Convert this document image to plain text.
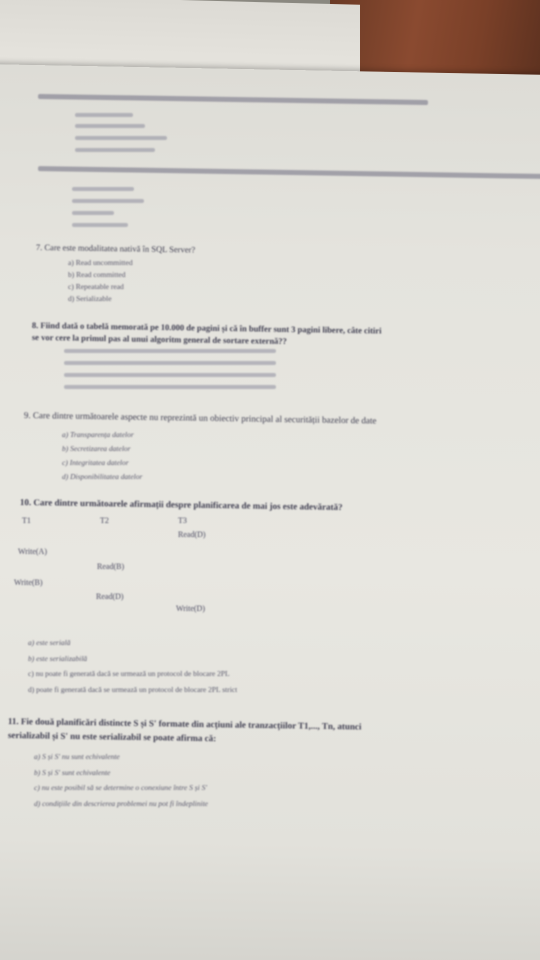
7. Care este modalitatea nativă în SQL Server?
a) Read uncommitted
b) Read committed
c) Repeatable read
d) Serializable
8. Fiind dată o tabelă memorată pe 10.000 de pagini și că în buffer sunt 3 pagini libere, câte citiri
se vor cere la primul pas al unui algoritm general de sortare externă??
9. Care dintre următoarele aspecte nu reprezintă un obiectiv principal al securității bazelor de date
a) Transparența datelor
b) Secretizarea datelor
c) Integritatea datelor
d) Disponibilitatea datelor
10. Care dintre următoarele afirmații despre planificarea de mai jos este adevărată?
T1	T2	T3
Read(D)
Write(A)
Read(B)
Write(B)
Read(D)
Write(D)
a) este serială
b) este serializabilă
c) nu poate fi generată dacă se urmează un protocol de blocare 2PL
d) poate fi generată dacă se urmează un protocol de blocare 2PL strict
11. Fie două planificări distincte S și S' formate din acțiuni ale tranzacțiilor T1,..., Tn, atunci
serializabil și S' nu este serializabil se poate afirma că:
a) S și S' nu sunt echivalente
b) S și S' sunt echivalente
c) nu este posibil să se determine o conexiune între S și S'
d) condițiile din descrierea problemei nu pot fi îndeplinite
